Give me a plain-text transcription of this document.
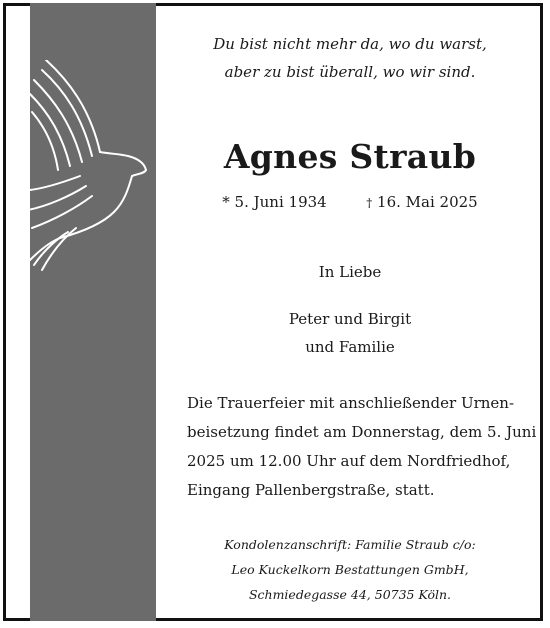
Du bist nicht mehr da, wo du warst,
aber zu bist überall, wo wir sind.
Agnes Straub
* 5. Juni 1934	† 16. Mai 2025
In Liebe
Peter und Birgit
und Familie
Die Trauerfeier mit anschließender Urnen-
beisetzung findet am Donnerstag, dem 5. Juni
2025 um 12.00 Uhr auf dem Nordfriedhof,
Eingang Pallenbergstraße, statt.
Kondolenzanschrift: Familie Straub c/o:
Leo Kuckelkorn Bestattungen GmbH,
Schmiedegasse 44, 50735 Köln.
